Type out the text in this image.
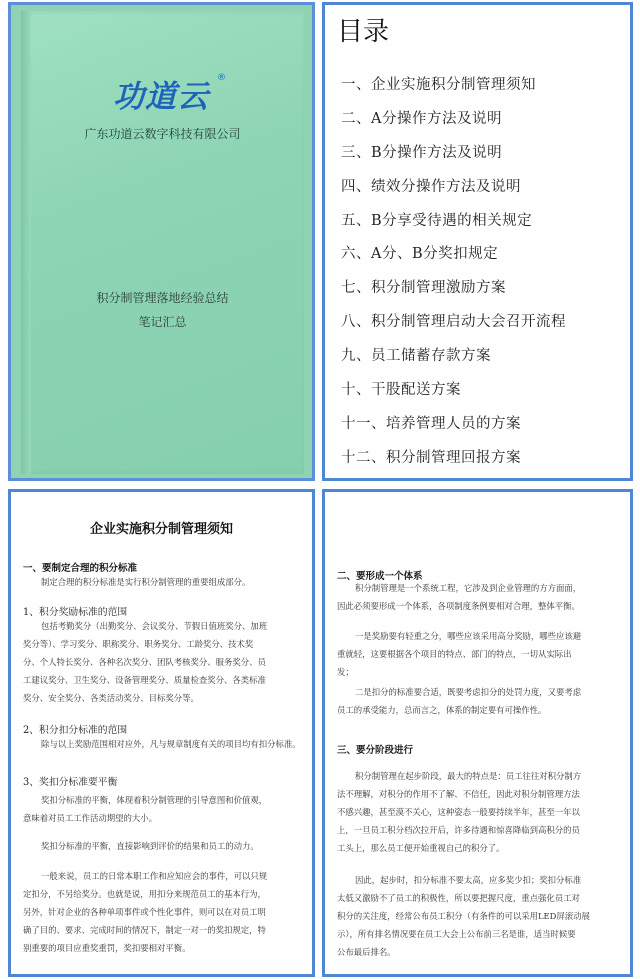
功道云
®
广东功道云数字科技有限公司
积分制管理落地经验总结
笔记汇总
目录
一、企业实施积分制管理须知
二、A分操作方法及说明
三、B分操作方法及说明
四、绩效分操作方法及说明
五、B分享受待遇的相关规定
六、A分、B分奖扣规定
七、积分制管理激励方案
八、积分制管理启动大会召开流程
九、员工储蓄存款方案
十、干股配送方案
十一、培养管理人员的方案
十二、积分制管理回报方案
企业实施积分制管理须知
一、要制定合理的积分标准
制定合理的积分标准是实行积分制管理的重要组成部分。
1、积分奖励标准的范围
包括考勤奖分（出勤奖分、会议奖分、节假日值班奖分、加班
奖分等）、学习奖分、职称奖分、职务奖分、工龄奖分、技术奖
分、个人特长奖分、各种名次奖分、团队考核奖分、服务奖分、员
工建议奖分、卫生奖分、设备管理奖分、质量检查奖分、各类标准
奖分、安全奖分、各类活动奖分、目标奖分等。
2、积分扣分标准的范围
除与以上奖励范围相对应外，凡与规章制度有关的项目均有扣分标准。
3、奖扣分标准要平衡
奖扣分标准的平衡，体现着积分制管理的引导意图和价值观，
意味着对员工工作活动期望的大小。
奖扣分标准的平衡，直接影响到评价的结果和员工的动力。
一般来说，员工的日常本职工作和应知应会的事件，可以只规
定扣分，不另给奖分。也就是说，用扣分来规范员工的基本行为，
另外，针对企业的各种单项事件或个性化事件，则可以在对员工明
确了目的、要求、完成时间的情况下，制定一对一的奖扣规定，特
别重要的项目应重奖重罚，奖扣要相对平衡。
二、要形成一个体系
积分制管理是一个系统工程，它涉及到企业管理的方方面面，
因此必须要形成一个体系，各项制度条例要相对合理，整体平衡。
一是奖励要有轻重之分，哪些应该采用高分奖励，哪些应该避
重就轻，这要根据各个项目的特点、部门的特点，一切从实际出
发；
二是扣分的标准要合适，既要考虑扣分的处罚力度，又要考虑
员工的承受能力，总而言之，体系的制定要有可操作性。
三、要分阶段进行
积分制管理在起步阶段，最大的特点是：员工往往对积分制方
法不理解，对积分的作用不了解、不信任，因此对积分制管理方法
不感兴趣，甚至漠不关心，这种姿态一般要持续半年，甚至一年以
上，一旦员工积分档次拉开后，许多待遇和惊喜降临到高积分的员
工头上，那么员工便开始重视自己的积分了。
因此，起步时，扣分标准不要太高，应多奖少扣；奖扣分标准
太低又激励不了员工的积极性，所以要把握尺度，重点强化员工对
积分的关注度，经常公布员工积分（有条件的可以采用LED屏滚动展
示），所有排名情况要在员工大会上公布前三名是谁，适当时候要
公布最后排名。
